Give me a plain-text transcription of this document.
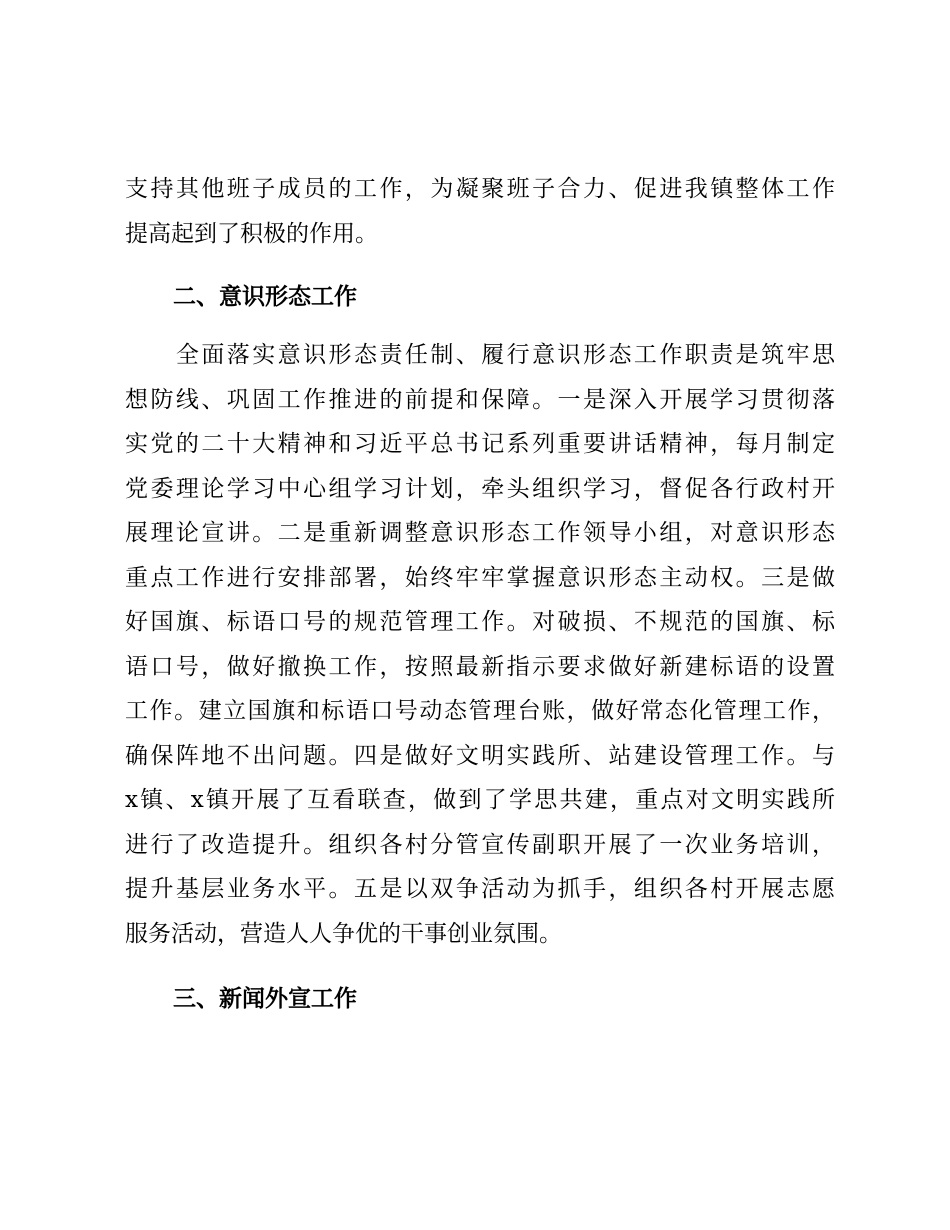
支持其他班子成员的工作，为凝聚班子合力、促进我镇整体工作
提高起到了积极的作用。
二、意识形态工作
　　全面落实意识形态责任制、履行意识形态工作职责是筑牢思
想防线、巩固工作推进的前提和保障。一是深入开展学习贯彻落
实党的二十大精神和习近平总书记系列重要讲话精神，每月制定
党委理论学习中心组学习计划，牵头组织学习，督促各行政村开
展理论宣讲。二是重新调整意识形态工作领导小组，对意识形态
重点工作进行安排部署，始终牢牢掌握意识形态主动权。三是做
好国旗、标语口号的规范管理工作。对破损、不规范的国旗、标
语口号，做好撤换工作，按照最新指示要求做好新建标语的设置
工作。建立国旗和标语口号动态管理台账，做好常态化管理工作，
确保阵地不出问题。四是做好文明实践所、站建设管理工作。与
x镇、x镇开展了互看联查，做到了学思共建，重点对文明实践所
进行了改造提升。组织各村分管宣传副职开展了一次业务培训，
提升基层业务水平。五是以双争活动为抓手，组织各村开展志愿
服务活动，营造人人争优的干事创业氛围。
三、新闻外宣工作
